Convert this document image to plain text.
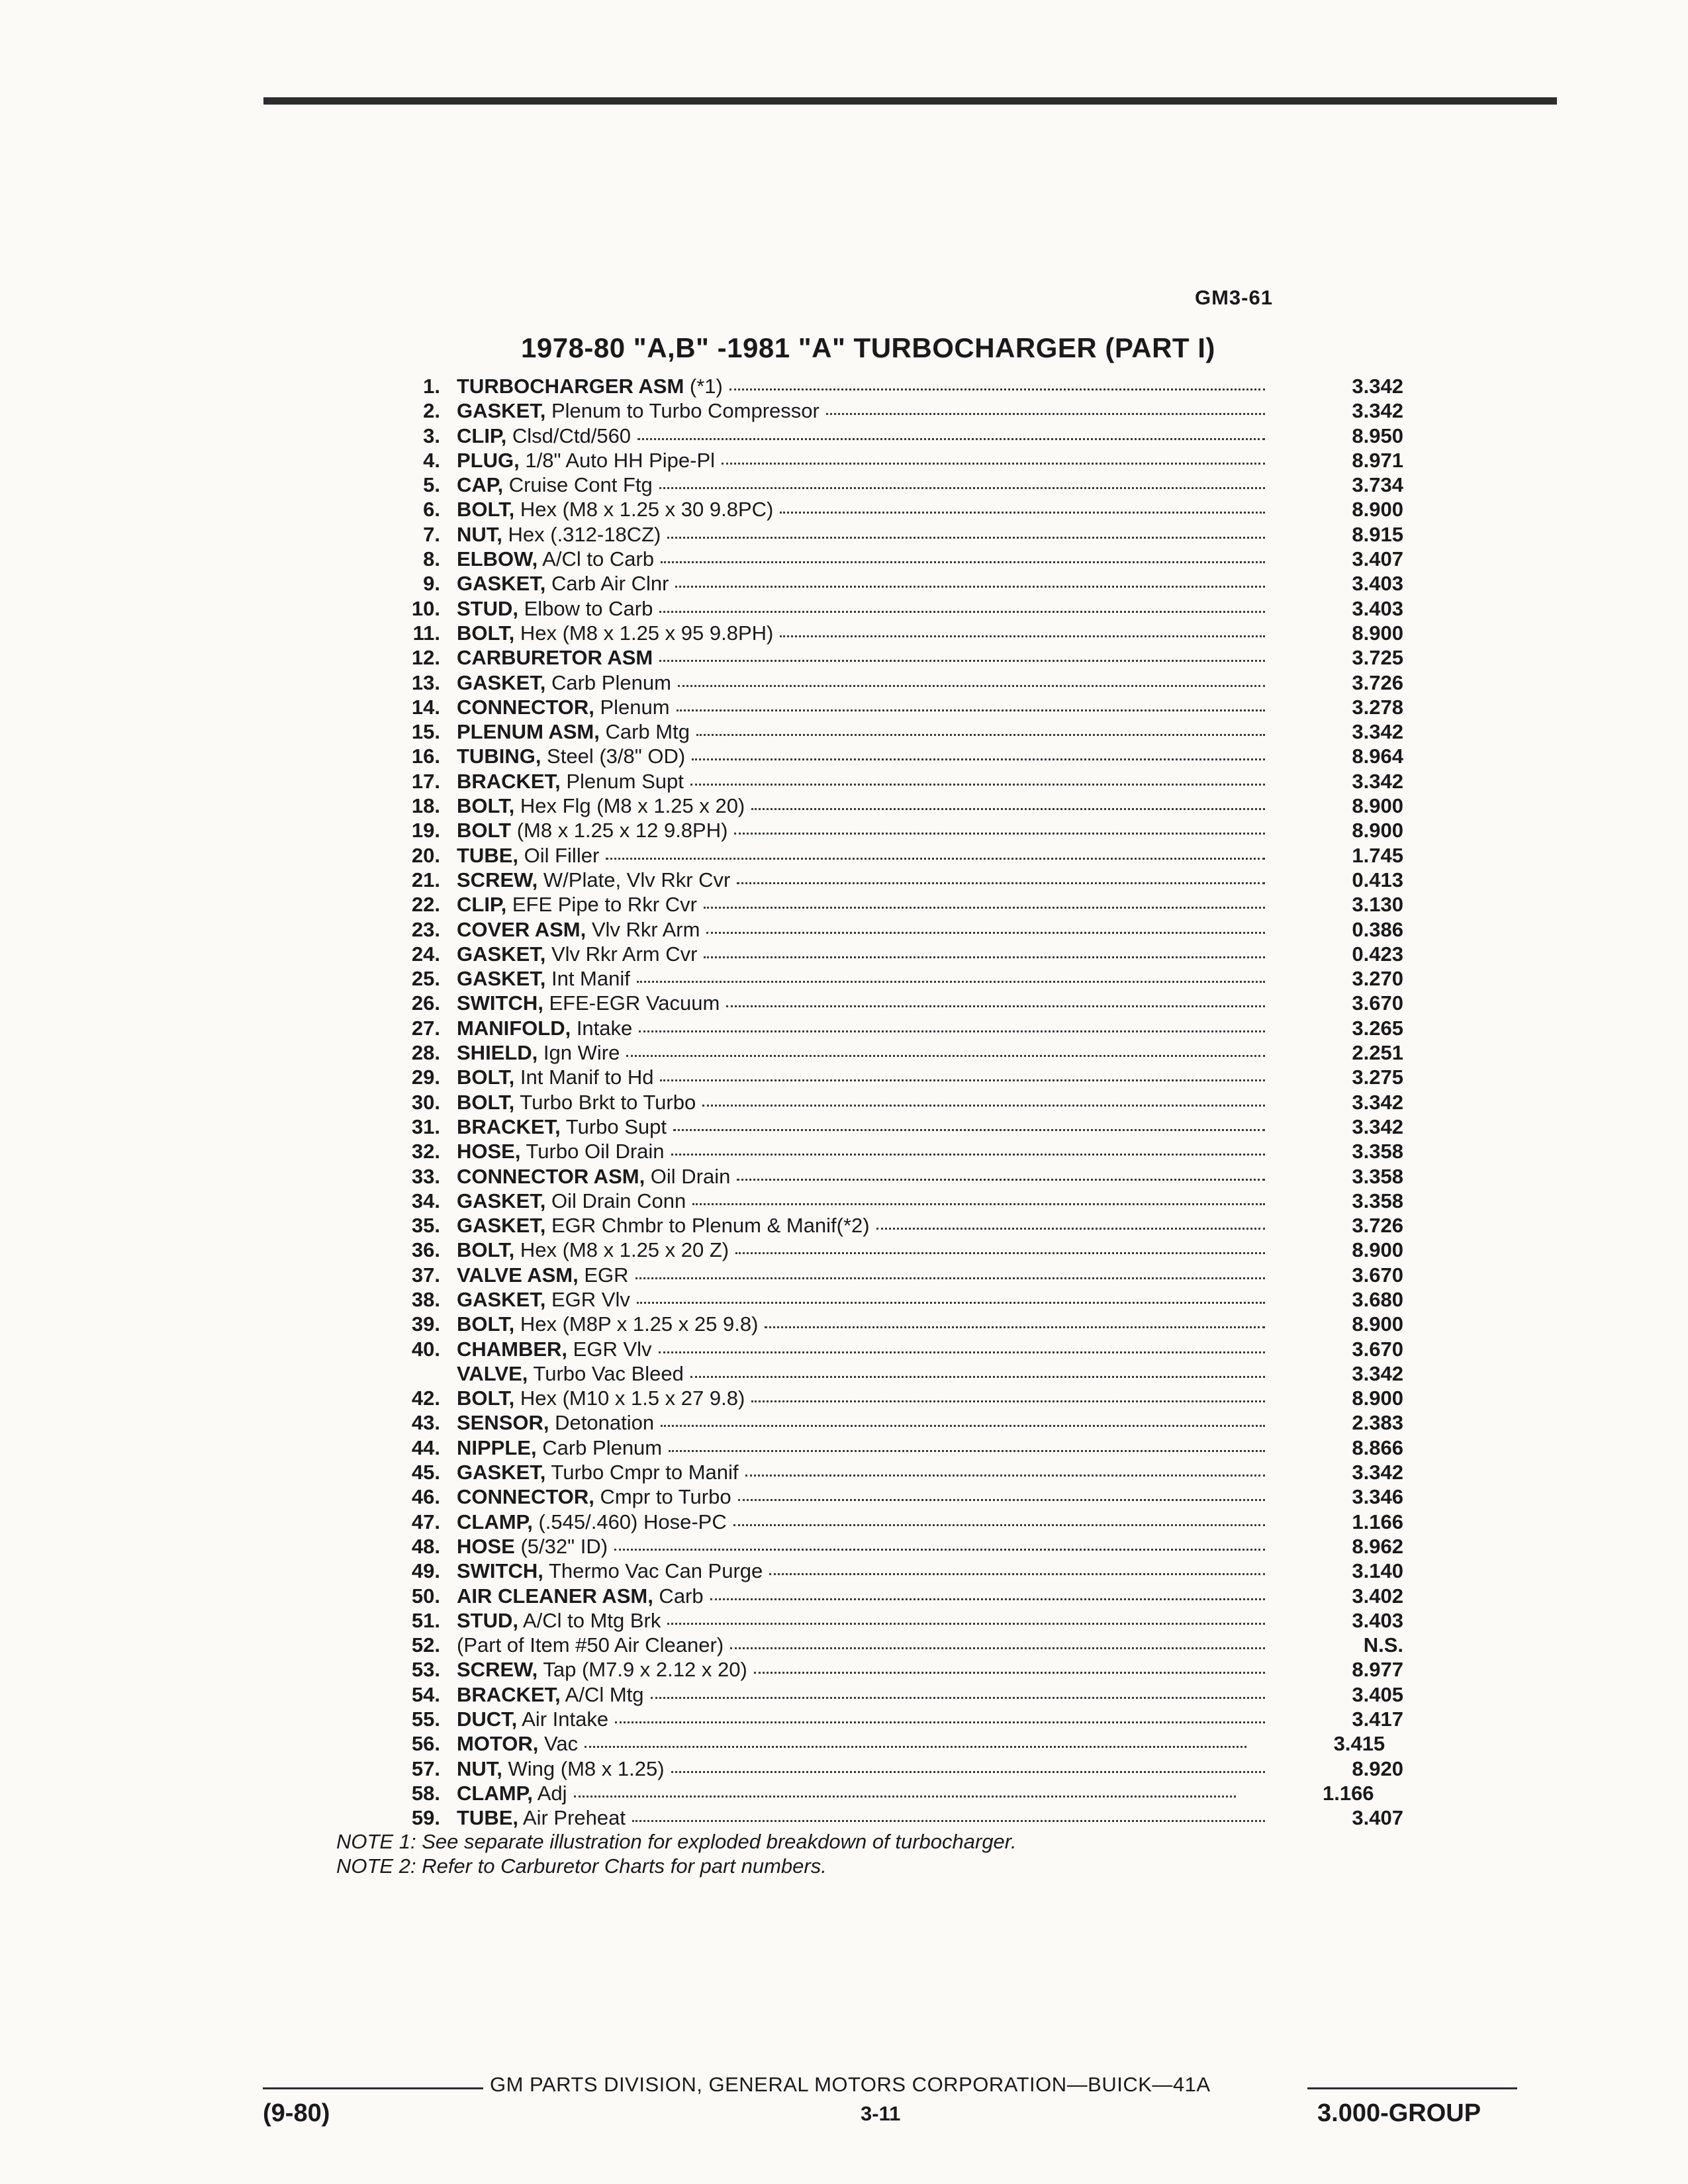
GM3-61
1978-80 "A,B" -1981 "A" TURBOCHARGER (PART I)
1. TURBOCHARGER ASM (*1)	3.342
2. GASKET, Plenum to Turbo Compressor	3.342
3. CLIP, Clsd/Ctd/560	8.950
4. PLUG, 1/8" Auto HH Pipe-Pl	8.971
5. CAP, Cruise Cont Ftg	3.734
6. BOLT, Hex (M8 x 1.25 x 30 9.8PC)	8.900
7. NUT, Hex (.312-18CZ)	8.915
8. ELBOW, A/Cl to Carb	3.407
9. GASKET, Carb Air Clnr	3.403
10. STUD, Elbow to Carb	3.403
11. BOLT, Hex (M8 x 1.25 x 95 9.8PH)	8.900
12. CARBURETOR ASM	3.725
13. GASKET, Carb Plenum	3.726
14. CONNECTOR, Plenum	3.278
15. PLENUM ASM, Carb Mtg	3.342
16. TUBING, Steel (3/8" OD)	8.964
17. BRACKET, Plenum Supt	3.342
18. BOLT, Hex Flg (M8 x 1.25 x 20)	8.900
19. BOLT (M8 x 1.25 x 12 9.8PH)	8.900
20. TUBE, Oil Filler	1.745
21. SCREW, W/Plate, Vlv Rkr Cvr	0.413
22. CLIP, EFE Pipe to Rkr Cvr	3.130
23. COVER ASM, Vlv Rkr Arm	0.386
24. GASKET, Vlv Rkr Arm Cvr	0.423
25. GASKET, Int Manif	3.270
26. SWITCH, EFE-EGR Vacuum	3.670
27. MANIFOLD, Intake	3.265
28. SHIELD, Ign Wire	2.251
29. BOLT, Int Manif to Hd	3.275
30. BOLT, Turbo Brkt to Turbo	3.342
31. BRACKET, Turbo Supt	3.342
32. HOSE, Turbo Oil Drain	3.358
33. CONNECTOR ASM, Oil Drain	3.358
34. GASKET, Oil Drain Conn	3.358
35. GASKET, EGR Chmbr to Plenum & Manif(*2)	3.726
36. BOLT, Hex (M8 x 1.25 x 20 Z)	8.900
37. VALVE ASM, EGR	3.670
38. GASKET, EGR Vlv	3.680
39. BOLT, Hex (M8P x 1.25 x 25 9.8)	8.900
40. CHAMBER, EGR Vlv	3.670
VALVE, Turbo Vac Bleed	3.342
42. BOLT, Hex (M10 x 1.5 x 27 9.8)	8.900
43. SENSOR, Detonation	2.383
44. NIPPLE, Carb Plenum	8.866
45. GASKET, Turbo Cmpr to Manif	3.342
46. CONNECTOR, Cmpr to Turbo	3.346
47. CLAMP, (.545/.460) Hose-PC	1.166
48. HOSE (5/32" ID)	8.962
49. SWITCH, Thermo Vac Can Purge	3.140
50. AIR CLEANER ASM, Carb	3.402
51. STUD, A/Cl to Mtg Brk	3.403
52. (Part of Item #50 Air Cleaner)	N.S.
53. SCREW, Tap (M7.9 x 2.12 x 20)	8.977
54. BRACKET, A/Cl Mtg	3.405
55. DUCT, Air Intake	3.417
56. MOTOR, Vac	3.415
57. NUT, Wing (M8 x 1.25)	8.920
58. CLAMP, Adj	1.166
59. TUBE, Air Preheat	3.407
NOTE 1: See separate illustration for exploded breakdown of turbocharger.
NOTE 2: Refer to Carburetor Charts for part numbers.
GM PARTS DIVISION, GENERAL MOTORS CORPORATION—BUICK—41A
(9-80)	3-11	3.000-GROUP
